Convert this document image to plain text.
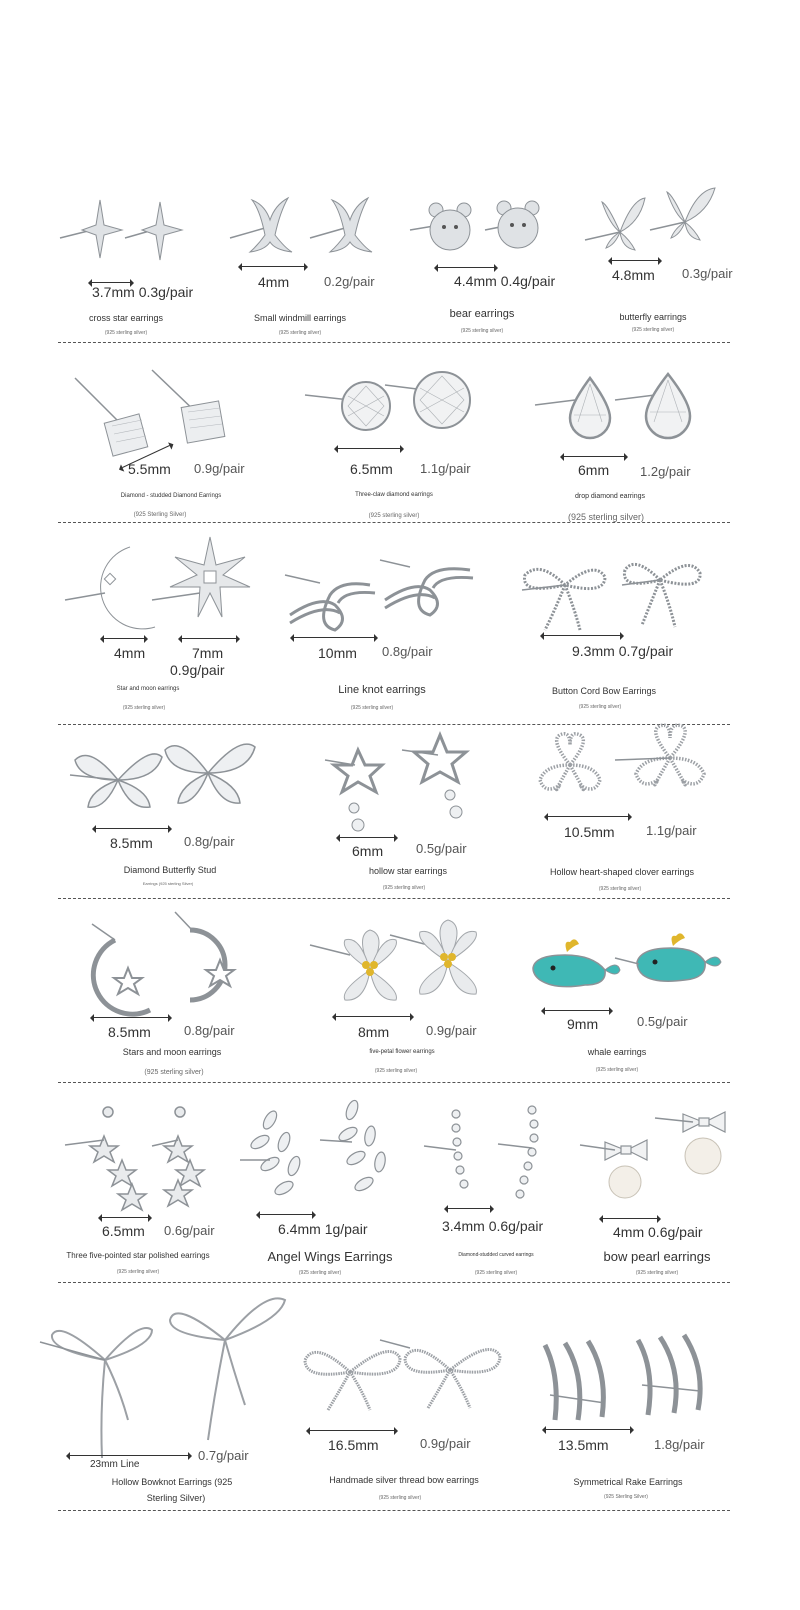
3.7mm 0.3g/pair
cross star earrings
(925 sterling silver)
4mm	0.2g/pair
Small windmill earrings
(925 sterling silver)
4.4mm 0.4g/pair
bear earrings
(925 sterling silver)
4.8mm 0.3g/pair
butterfly earrings
(925 sterling silver)
5.5mm 0.9g/pair
Diamond - studded Diamond Earrings
(925 Sterling Silver)
6.5mm 1.1g/pair
Three-claw diamond earrings
(925 sterling silver)
6mm 1.2g/pair
drop diamond earrings
(925 sterling silver)
4mm	7mm
0.9g/pair
Star and moon earrings
(925 sterling silver)
10mm 0.8g/pair
Line knot earrings
(925 sterling silver)
9.3mm 0.7g/pair
Button Cord Bow Earrings
(925 sterling silver)
8.5mm 0.8g/pair
Diamond Butterfly Stud
Earrings (925 sterling Silver)
6mm	0.5g/pair
hollow star earrings
(925 sterling silver)
10.5mm 1.1g/pair
Hollow heart-shaped clover earrings
(925 sterling silver)
8.5mm	0.8g/pair
Stars and moon earrings
(925 sterling silver)
8mm	0.9g/pair
five-petal flower earrings
(925 sterling silver)
9mm	0.5g/pair
whale earrings
(925 sterling silver)
6.5mm 0.6g/pair
Three five-pointed star polished earrings
(925 sterling silver)
6.4mm 1g/pair
Angel Wings Earrings
(925 sterling silver)
3.4mm 0.6g/pair
Diamond-studded curved earrings
(925 sterling silver)
4mm 0.6g/pair
bow pearl earrings
(925 sterling silver)
23mm Line
0.7g/pair
Hollow Bowknot Earrings (925
Sterling Silver)
16.5mm	0.9g/pair
Handmade silver thread bow earrings
(925 sterling silver)
13.5mm	1.8g/pair
Symmetrical Rake Earrings
(925 Sterling Silver)
